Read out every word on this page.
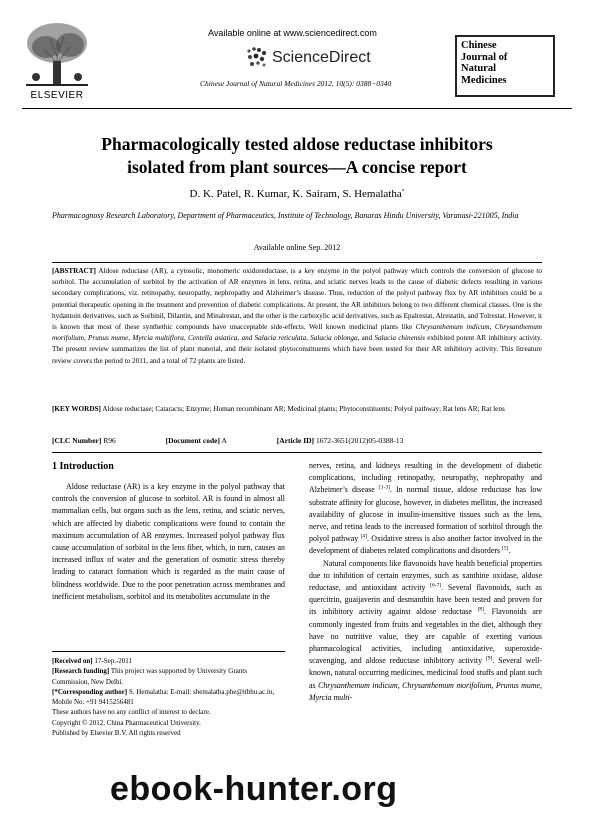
ELSEVIER
Available online at www.sciencedirect.com
ScienceDirect
Chinese Journal of Natural Medicines 2012, 10(5): 0388−0340
Chinese
Journal of
Natural
Medicines
Pharmacologically tested aldose reductase inhibitors
isolated from plant sources—A concise report
D. K. Patel, R. Kumar, K. Sairam, S. Hemalatha*
Pharmacognosy Research Laboratory, Department of Pharmaceutics, Institute of Technology, Banaras Hindu University, Varanasi-221005, India
Available online Sep. 2012
[ABSTRACT] Aldose reductase (AR), a cytosolic, monomeric oxidoreductase, is a key enzyme in the polyol pathway which controls the conversion of glucose to sorbitol. The accumulation of sorbitol by the activation of AR enzymes in lens, retina, and sciatic nerves leads to the cause of diabetic defects resulting in various secondary complications, viz. retinopathy, neuropathy, nephropathy and Alzheimer’s disease. Thus, reduction of the polyol pathway flux by AR inhibitors could be a potential therapeutic opening in the treatment and prevention of diabetic complications. At present, the AR inhibitors belong to two different chemical classes. One is the hydantoin derivatives, such as Sorbinil, Dilantin, and Minalrestat, and the other is the carboxylic acid derivatives, such as Epalrestat, Alrestatin, and Tolrestat. However, it is known that most of these synthethic compounds have unacceptable side-effects. Well known medicinal plants like Chrysanthemum indicum, Chrysanthemum morifolium, Prunus mume, Myrcia multiflora, Centella asiatica, and Salacia reticulata, Salacia oblonga, and Salacia chinensis exhibited potent AR inhibitory activity. The present review summarizes the list of plant material, and their isolated phytoconstituents which have been tested for their AR inhibitory activity. This litreature review covers the period to 2011, and a total of 72 plants are listed.
[KEY WORDS] Aldose reductase; Cataracts; Enzyme; Human recombinant AR; Medicinal plants; Phytoconstituents; Polyol pathway; Rat lens AR; Rat lens
[CLC Number] R96	[Document code] A	[Article ID] 1672-3651(2012)05-0388-13
1 Introduction

Aldose reductase (AR) is a key enzyme in the polyol pathway that controls the conversion of glucose to sorbitol. AR is found in almost all mammalian cells, but organs such as the lens, retina, and sciatic nerves, which are affected by diabetic complications were found to contain the maximum accumulation of AR enzymes. Increased polyol pathway flux cause accumulation of sorbitol in the lens fiber, which, in turn, causes an increased influx of water and the generation of osmotic stress thereby leading to cataract formation which is regarded as the main cause of blindness worldwide. Due to the poor penetration across membranes and inefficient metabolism, sorbitol and its metabolites accumulate in the

nerves, retina, and kidneys resulting in the development of diabetic complications, including retinopathy, neuropathy, nephropathy and Alzheimer’s disease [1-3]. In normal tissue, aldose reductase has low substrate affinity for glucose, however, in diabetes mellitus, the increased availability of glucose in insulin-insensitive tissues such as the lens, nerve, and retina leads to the increased formation of sorbitol through the polyol pathway [4]. Oxidative stress is also another factor involved in the development of diabetes related complications and disorders [5].

Natural components like flavonoids have health beneficial properties due to inhibition of certain enzymes, such as xanthine oxidase, aldose reductase, and antioxidant activity [6-7]. Several flavonoids, such as quercitrin, guaijaverin and desmanthin have been tested and proven for its inhibitory activity against aldose reductase [8]. Flavonoids are commonly ingested from fruits and vegetables in the diet, although they have no nutritive value, they are capable of exerting various pharmacological activities, including antioxidative, superoxide-scavenging, and aldose reductase inhibitory activity [9]. Several well-known, natural occurring medicines, medicinal food stuffs and plant such as Chrysanthemum indicum, Chrysanthemum morifolium, Prunus mume, Myrcia multi-

[Received on] 17-Sep.-2011
[Research funding] This project was supported by University Grants Commission, New Delhi.
[*Corresponding author] S. Hemalatha: E-mail: shemalatha.phe@itbhu.ac.in, Mobile No. +91 9415256481
These authors have no any conflict of interest to declare.
Copyright © 2012, China Pharmaceutical University.
Published by Elsevier B.V. All rights reserved
ebook-hunter.org
